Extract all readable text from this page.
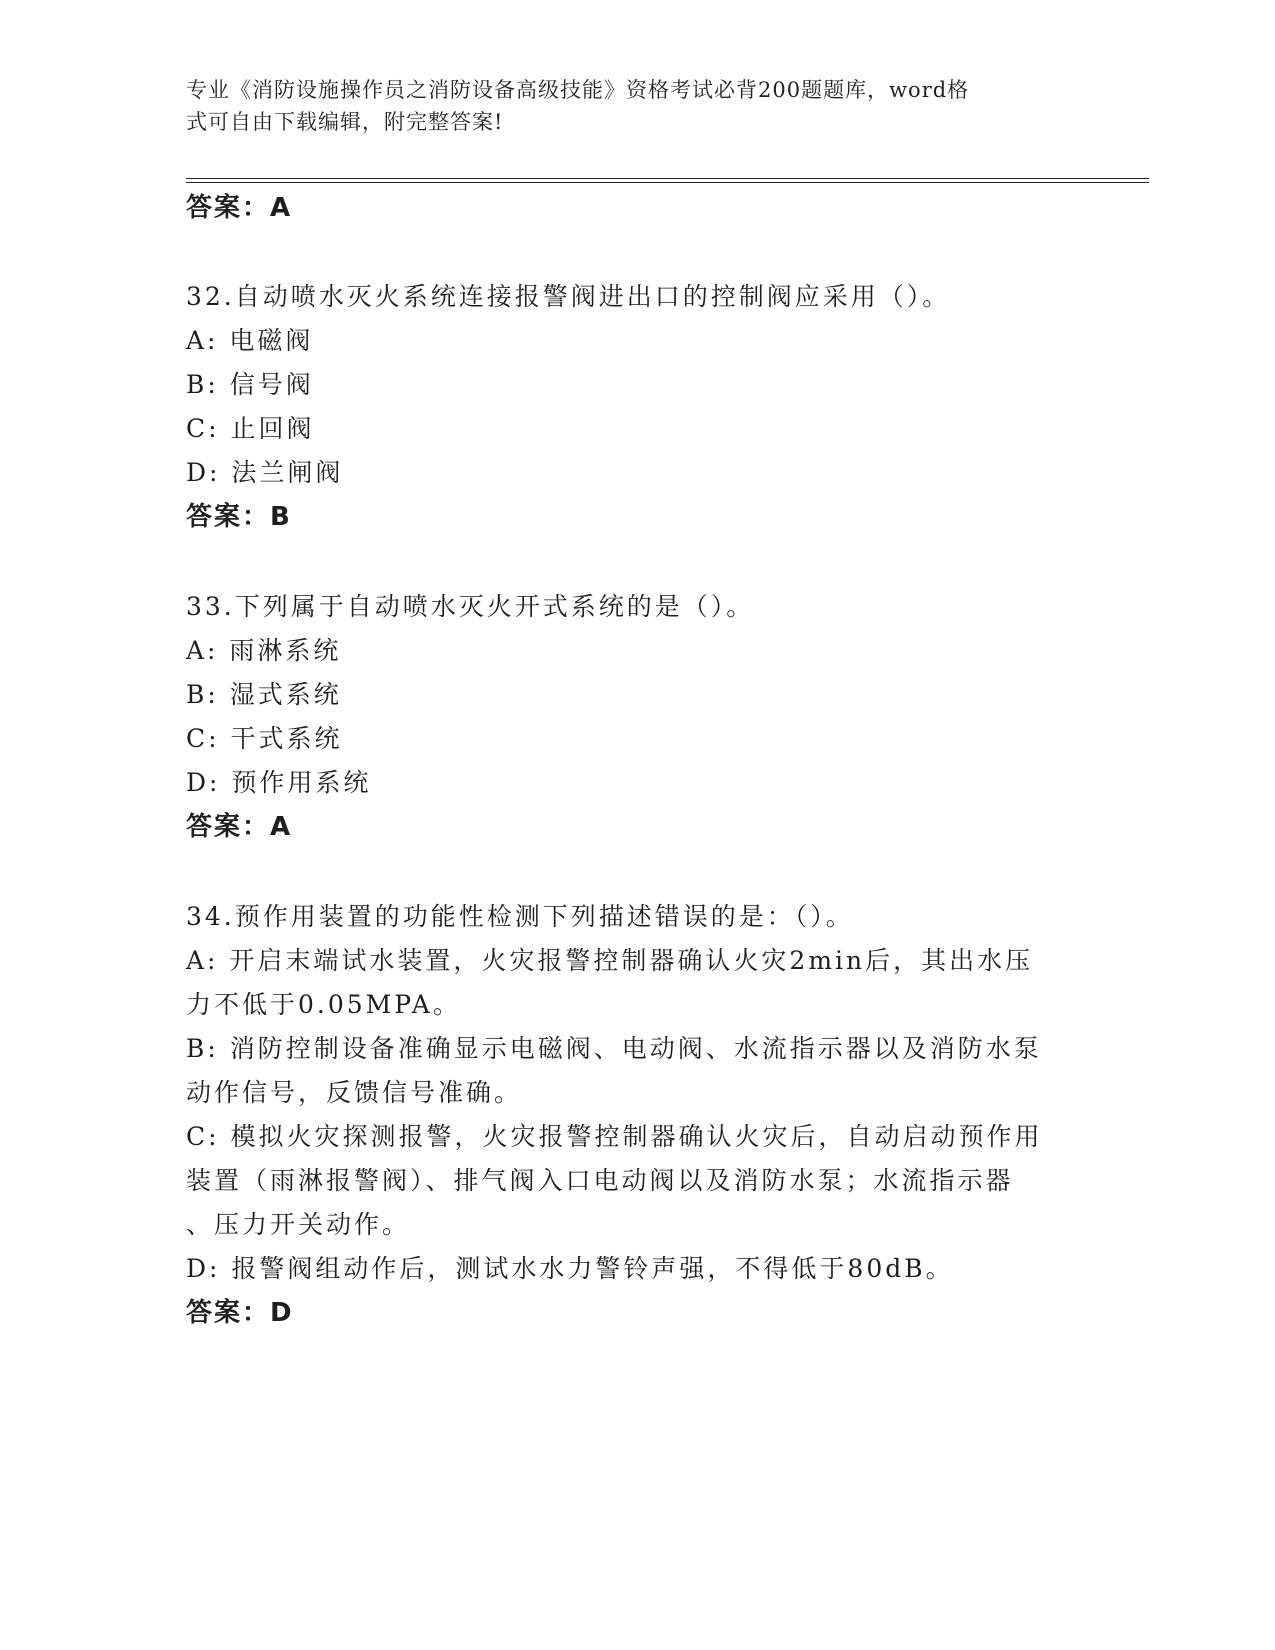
专业《消防设施操作员之消防设备高级技能》资格考试必背200题题库，word格
式可自由下载编辑，附完整答案!
答案：A
32.自动喷水灭火系统连接报警阀进出口的控制阀应采用（）。
A: 电磁阀
B: 信号阀
C: 止回阀
D: 法兰闸阀
答案：B
33.下列属于自动喷水灭火开式系统的是（）。
A: 雨淋系统
B: 湿式系统
C: 干式系统
D: 预作用系统
答案：A
34.预作用装置的功能性检测下列描述错误的是：（）。
A: 开启末端试水装置，火灾报警控制器确认火灾2min后，其出水压
力不低于0.05MPA。
B: 消防控制设备准确显示电磁阀、电动阀、水流指示器以及消防水泵
动作信号，反馈信号准确。
C: 模拟火灾探测报警，火灾报警控制器确认火灾后，自动启动预作用
装置（雨淋报警阀）、排气阀入口电动阀以及消防水泵；水流指示器
、压力开关动作。
D: 报警阀组动作后，测试水水力警铃声强，不得低于80dB。
答案：D
